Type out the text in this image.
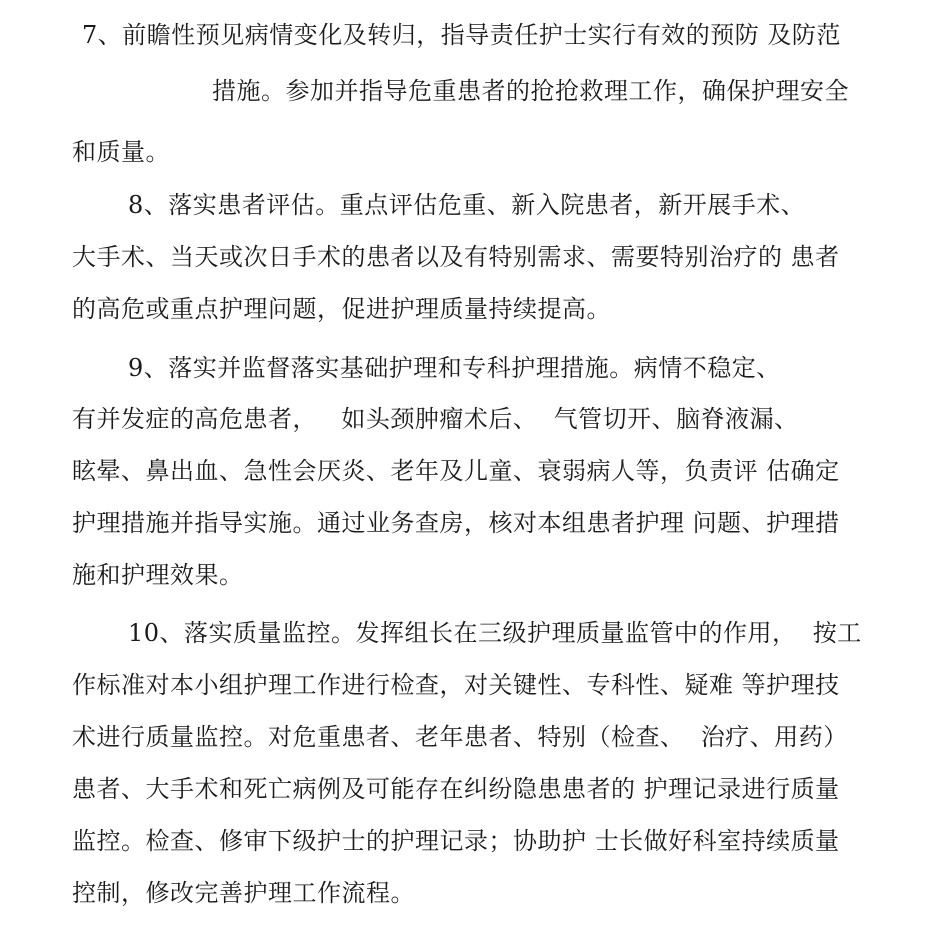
7、前瞻性预见病情变化及转归，指导责任护士实行有效的预防 及防范
措施。参加并指导危重患者的抢抢救理工作，确保护理安全
和质量。
8、落实患者评估。重点评估危重、新入院患者，新开展手术、
大手术、当天或次日手术的患者以及有特别需求、需要特别治疗的 患者
的高危或重点护理问题，促进护理质量持续提高。
9、落实并监督落实基础护理和专科护理措施。病情不稳定、
有并发症的高危患者，   如头颈肿瘤术后、  气管切开、脑脊液漏、
眩晕、鼻出血、急性会厌炎、老年及儿童、衰弱病人等，负责评 估确定
护理措施并指导实施。通过业务查房，核对本组患者护理 问题、护理措
施和护理效果。
10、落实质量监控。发挥组长在三级护理质量监管中的作用，  按工
作标准对本小组护理工作进行检查，对关键性、专科性、疑难 等护理技
术进行质量监控。对危重患者、老年患者、特别（检查、  治疗、用药）
患者、大手术和死亡病例及可能存在纠纷隐患患者的 护理记录进行质量
监控。检查、修审下级护士的护理记录；协助护 士长做好科室持续质量
控制，修改完善护理工作流程。
